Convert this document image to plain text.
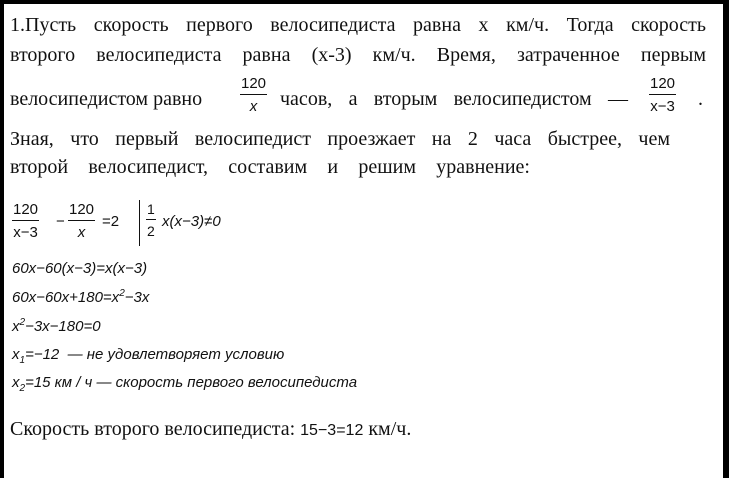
1.Пусть скорость первого велосипедиста равна x км/ч. Тогда скорость
второго велосипедиста равна (x-3) км/ч. Время, затраченное первым
велосипедистом равно
120
x часов, а вторым велосипедистом —
120
x−3 .
Зная, что первый велосипедист проезжает на 2 часа быстрее, чем
второй велосипедист, составим и решим уравнение:
120
x−3
−
120
x
=2
1
2
x(x−3)≠0
60x−60(x−3)=x(x−3)
$60x-60x+180=x^2-3x$
$x^2-3x-180=0$
$x_1=-12$ — не удовлетворяет условию
$x_2=15$ км / ч — скорость первого велосипедиста
Скорость второго велосипедиста: 15−3=12 км/ч.
